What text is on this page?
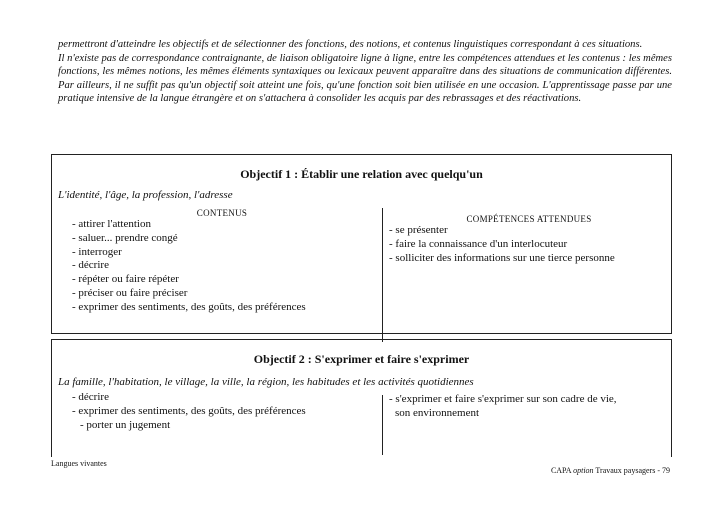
permettront d'atteindre les objectifs et de sélectionner des fonctions, des notions, et contenus linguistiques correspondant à ces situations.

Il n'existe pas de correspondance contraignante, de liaison obligatoire ligne à ligne, entre les compétences attendues et les contenus : les mêmes fonctions, les mêmes notions, les mêmes éléments syntaxiques ou lexicaux peuvent apparaître dans des situations de communication différentes. Par ailleurs, il ne suffit pas qu'un objectif soit atteint une fois, qu'une fonction soit bien utilisée en une occasion. L'apprentissage passe par une pratique intensive de la langue étrangère et on s'attachera à consolider les acquis par des rebrassages et des réactivations.

Objectif 1 : Établir une relation avec quelqu'un
L'identité, l'âge, la profession, l'adresse
CONTENUS
- attirer l'attention
- saluer... prendre congé
- interroger
- décrire
- répéter ou faire répéter
- préciser ou faire préciser
- exprimer des sentiments, des goûts, des préférences
COMPÉTENCES ATTENDUES
- se présenter
- faire la connaissance d'un interlocuteur
- solliciter des informations sur une tierce personne
Objectif 2 : S'exprimer et faire s'exprimer
La famille, l'habitation, le village, la ville, la région, les habitudes et les activités quotidiennes
- décrire
- exprimer des sentiments, des goûts, des préférences
- porter un jugement
- s'exprimer et faire s'exprimer sur son cadre de vie,
son environnement
Langues vivantes
CAPA option Travaux paysagers - 79
